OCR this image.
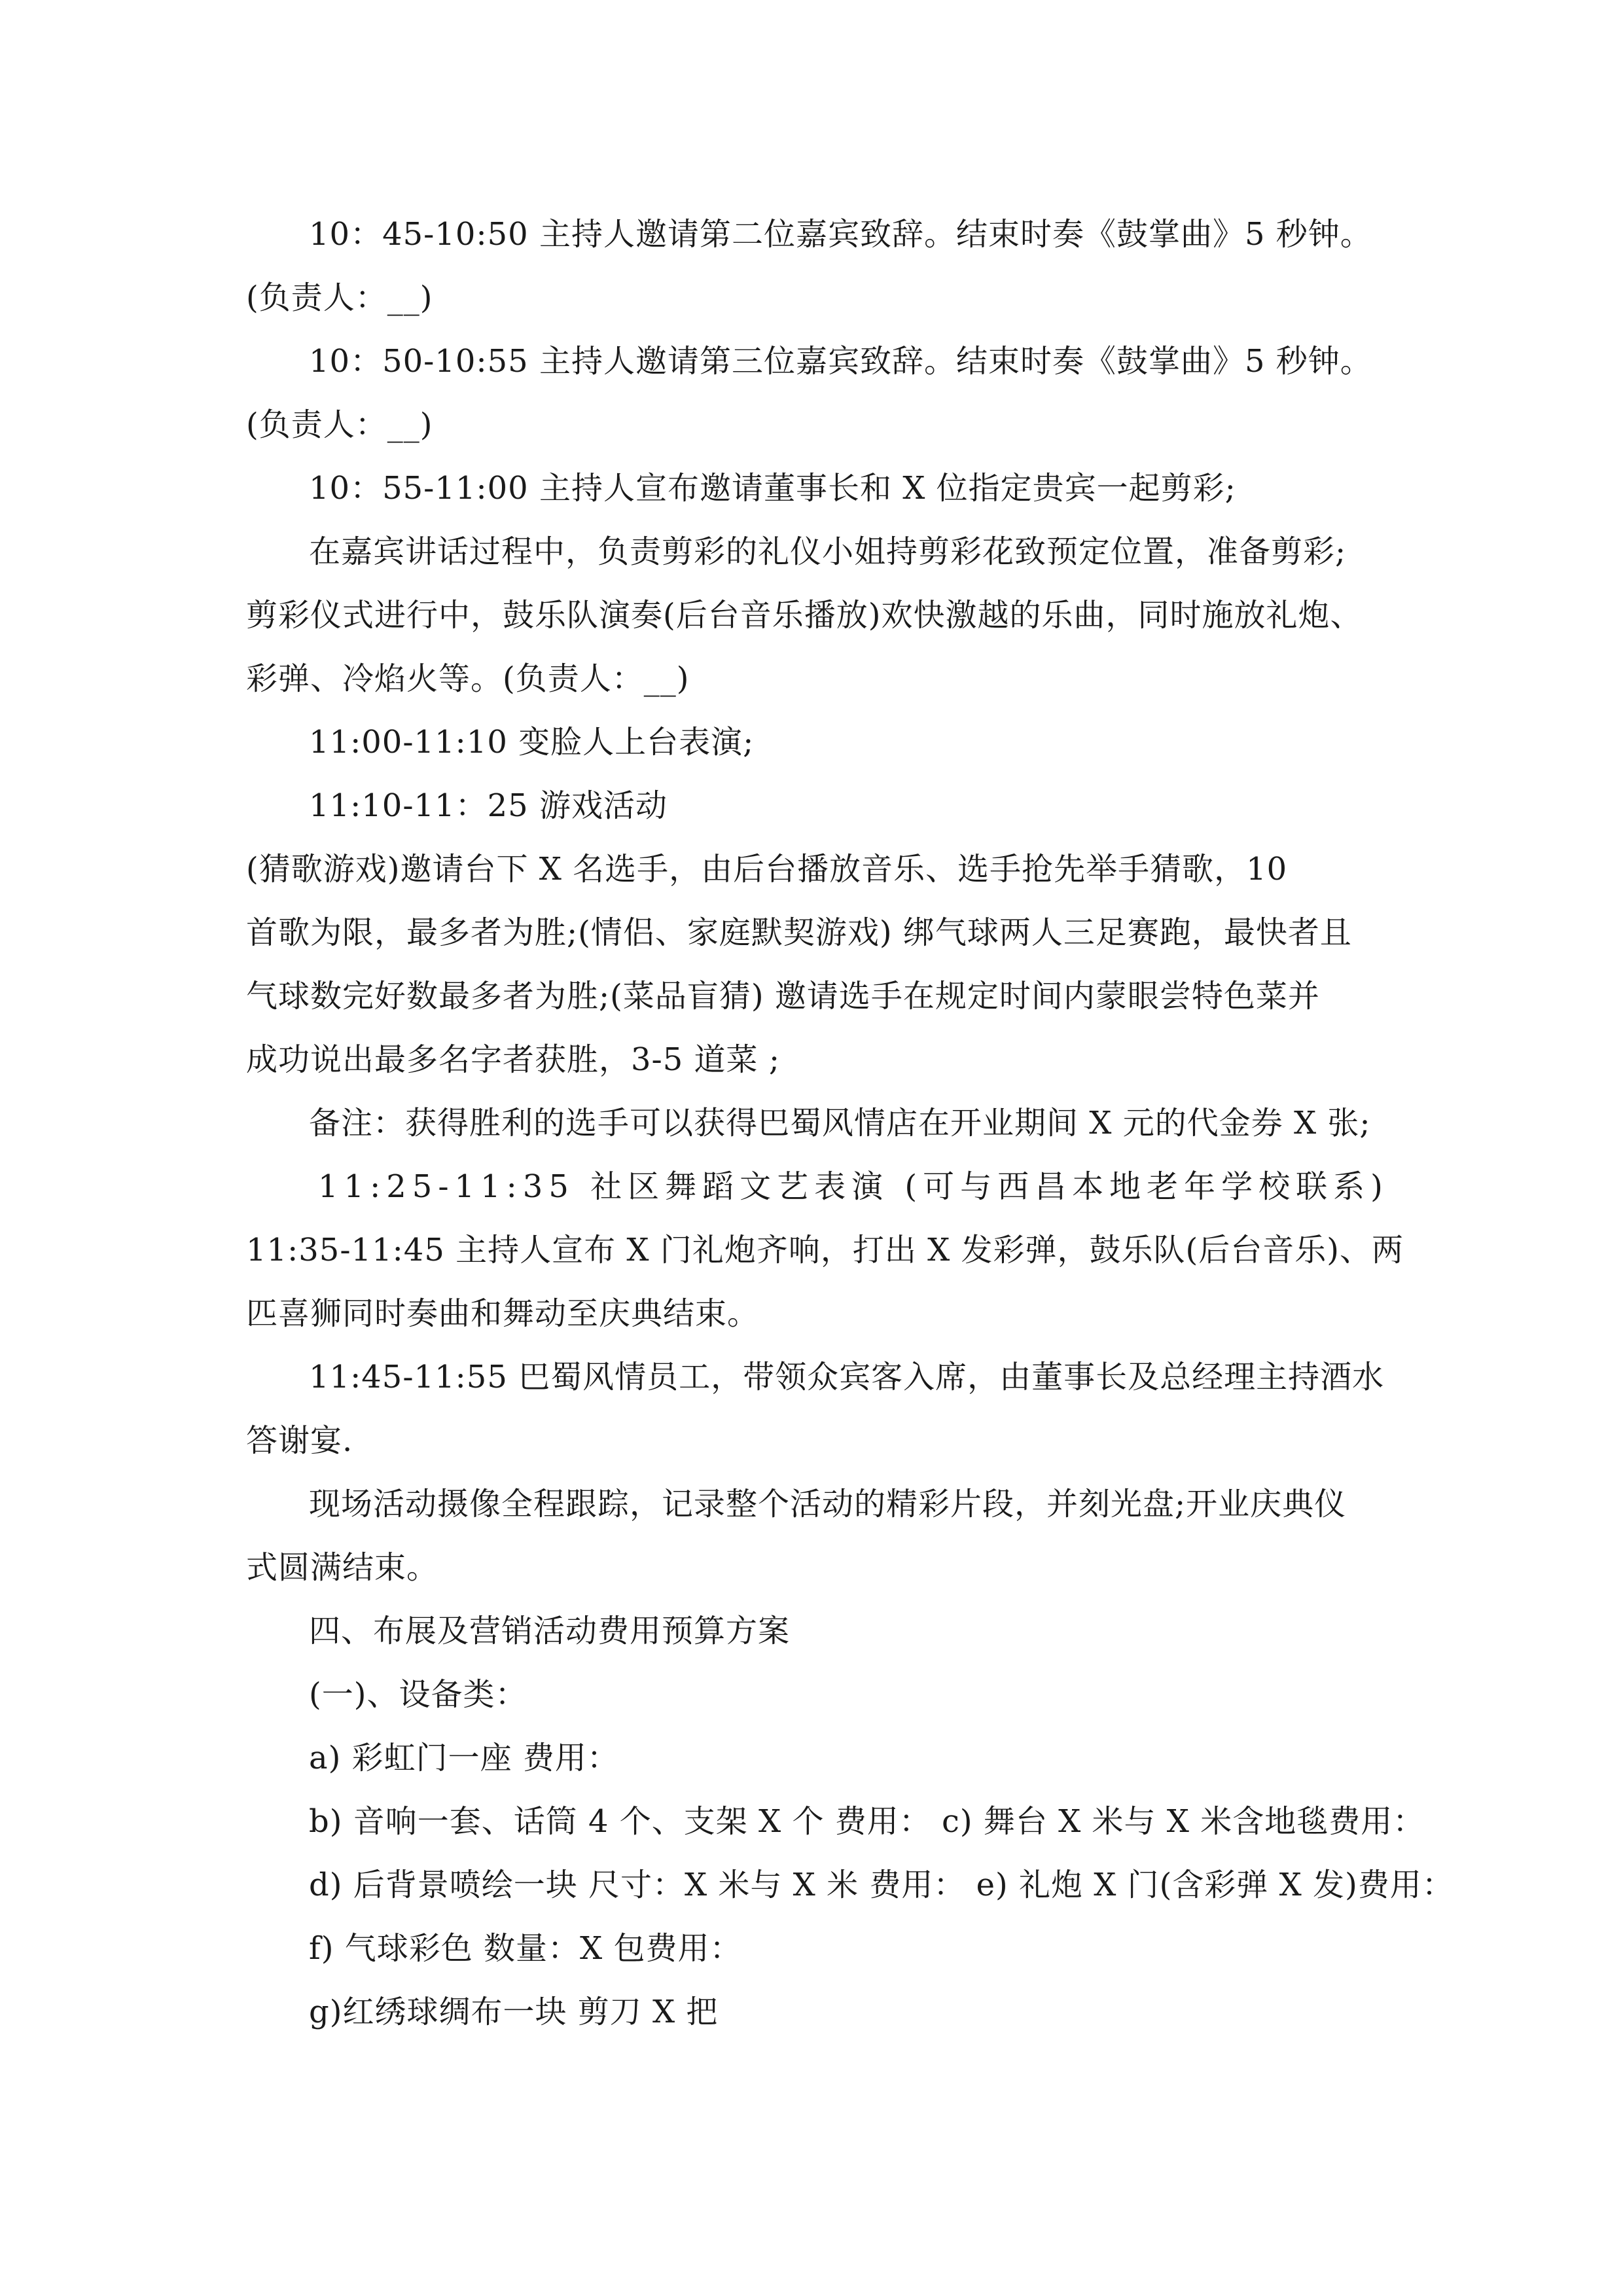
10：45-10:50 主持人邀请第二位嘉宾致辞。结束时奏《鼓掌曲》5 秒钟。
(负责人：__)
10：50-10:55 主持人邀请第三位嘉宾致辞。结束时奏《鼓掌曲》5 秒钟。
(负责人：__)
10：55-11:00 主持人宣布邀请董事长和 X 位指定贵宾一起剪彩;
在嘉宾讲话过程中，负责剪彩的礼仪小姐持剪彩花致预定位置，准备剪彩;
剪彩仪式进行中，鼓乐队演奏(后台音乐播放)欢快激越的乐曲，同时施放礼炮、
彩弹、冷焰火等。(负责人：__)
11:00-11:10 变脸人上台表演;
11:10-11：25 游戏活动
(猜歌游戏)邀请台下 X 名选手，由后台播放音乐、选手抢先举手猜歌，10
首歌为限，最多者为胜;(情侣、家庭默契游戏) 绑气球两人三足赛跑，最快者且
气球数完好数最多者为胜;(菜品盲猜) 邀请选手在规定时间内蒙眼尝特色菜并
成功说出最多名字者获胜，3-5 道菜 ;
备注：获得胜利的选手可以获得巴蜀风情店在开业期间 X 元的代金券 X 张;
11:25-11:35 社区舞蹈文艺表演 (可与西昌本地老年学校联系)
11:35-11:45 主持人宣布 X 门礼炮齐响，打出 X 发彩弹，鼓乐队(后台音乐)、两
匹喜狮同时奏曲和舞动至庆典结束。
11:45-11:55 巴蜀风情员工，带领众宾客入席，由董事长及总经理主持酒水
答谢宴.
现场活动摄像全程跟踪，记录整个活动的精彩片段，并刻光盘;开业庆典仪
式圆满结束。
四、布展及营销活动费用预算方案
(一)、设备类：
a) 彩虹门一座 费用：
b) 音响一套、话筒 4 个、支架 X 个 费用： c) 舞台 X 米与 X 米含地毯费用：
d) 后背景喷绘一块 尺寸：X 米与 X 米 费用： e) 礼炮 X 门(含彩弹 X 发)费用：
f) 气球彩色 数量：X 包费用：
g)红绣球绸布一块 剪刀 X 把
